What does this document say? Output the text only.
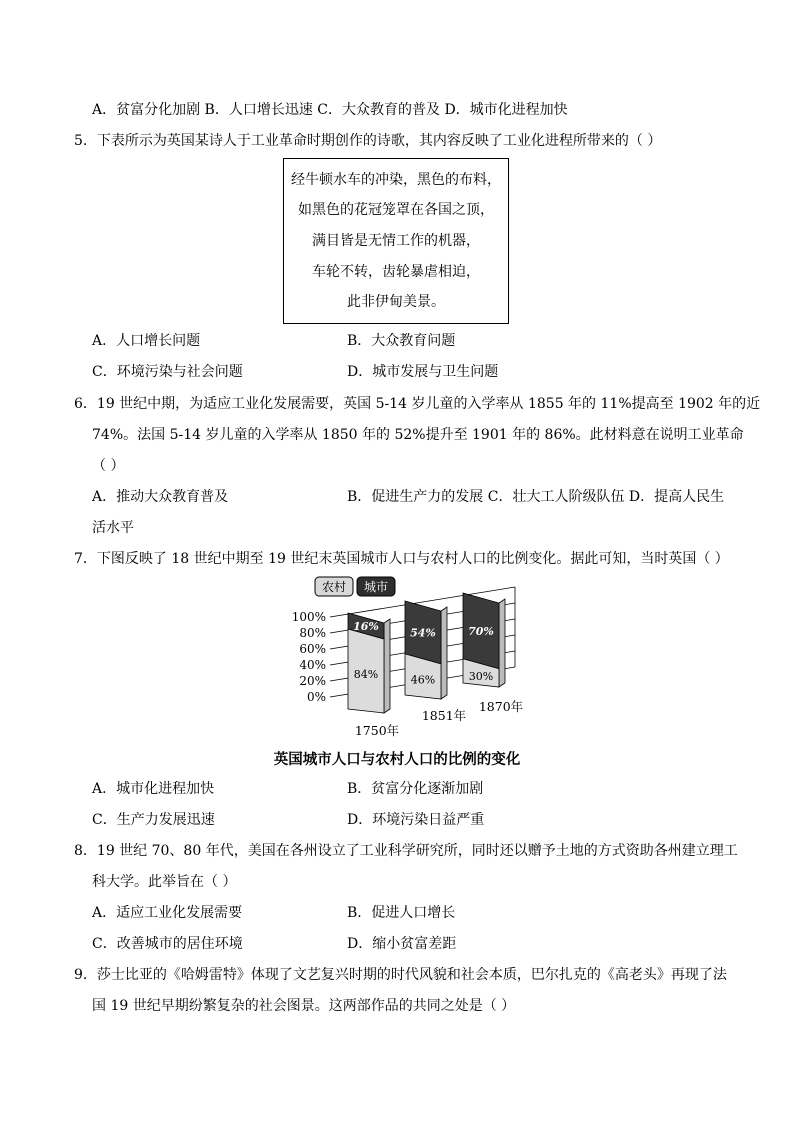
A．贫富分化加剧 B．人口增长迅速 C．大众教育的普及 D．城市化进程加快
5．下表所示为英国某诗人于工业革命时期创作的诗歌，其内容反映了工业化进程所带来的（ ）
经牛顿水车的冲染，黑色的布料，
如黑色的花冠笼罩在各国之顶，
满目皆是无情工作的机器，
车轮不转，齿轮暴虐相迫，
此非伊甸美景。
A．人口增长问题	B．大众教育问题
C．环境污染与社会问题	D．城市发展与卫生问题
6．19 世纪中期，为适应工业化发展需要，英国 5-14 岁儿童的入学率从 1855 年的 11%提高至 1902 年的近
74%。法国 5-14 岁儿童的入学率从 1850 年的 52%提升至 1901 年的 86%。此材料意在说明工业革命
（ ）
A．推动大众教育普及	B．促进生产力的发展 C．壮大工人阶级队伍 D．提高人民生
活水平
7．下图反映了 18 世纪中期至 19 世纪末英国城市人口与农村人口的比例变化。据此可知，当时英国（ ）
农村 城市
100%
80%
60%
40%
20%
0%
16%
84%
54%
46%
70%
30%
1750年
1851年
1870年
英国城市人口与农村人口的比例的变化
A．城市化进程加快	B．贫富分化逐渐加剧
C．生产力发展迅速	D．环境污染日益严重
8．19 世纪 70、80 年代，美国在各州设立了工业科学研究所，同时还以赠予土地的方式资助各州建立理工
科大学。此举旨在（ ）
A．适应工业化发展需要	B．促进人口增长
C．改善城市的居住环境	D．缩小贫富差距
9．莎士比亚的《哈姆雷特》体现了文艺复兴时期的时代风貌和社会本质，巴尔扎克的《高老头》再现了法
国 19 世纪早期纷繁复杂的社会图景。这两部作品的共同之处是（ ）
